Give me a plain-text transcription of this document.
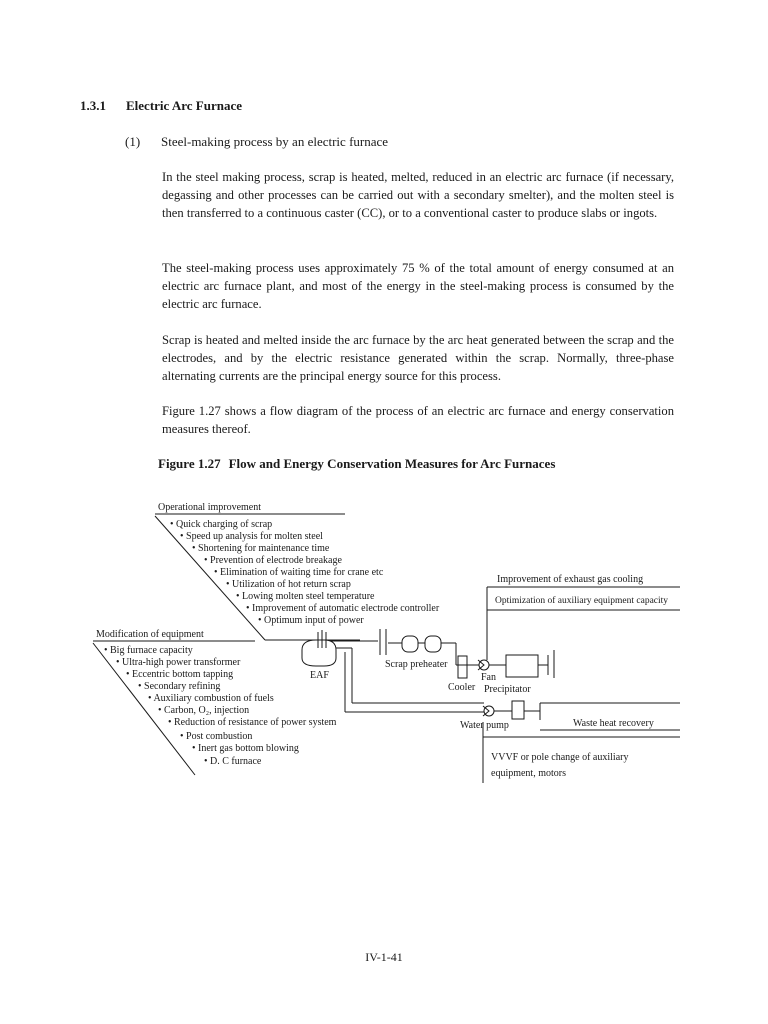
1.3.1 Electric Arc Furnace
(1) Steel-making process by an electric furnace

In the steel making process, scrap is heated, melted, reduced in an electric arc furnace (if necessary, degassing and other processes can be carried out with a secondary smelter), and the molten steel is then transferred to a continuous caster (CC), or to a conventional caster to produce slabs or ingots.

The steel-making process uses approximately 75 % of the total amount of energy consumed at an electric arc furnace plant, and most of the energy in the steel-making process is consumed by the electric arc furnace.

Scrap is heated and melted inside the arc furnace by the arc heat generated between the scrap and the electrodes, and by the electric resistance generated within the scrap. Normally, three-phase alternating currents are the principal energy source for this process.

Figure 1.27 shows a flow diagram of the process of an electric arc furnace and energy conservation measures thereof.

Figure 1.27 Flow and Energy Conservation Measures for Arc Furnaces
Operational improvement
• Quick charging of scrap
• Speed up analysis for molten steel
• Shortening for maintenance time
• Prevention of electrode breakage
• Elimination of waiting time for crane etc
• Utilization of hot return scrap
• Lowing molten steel temperature
• Improvement of automatic electrode controller
• Optimum input of power
Modification of equipment
• Big furnace capacity
• Ultra-high power transformer
• Eccentric bottom tapping
• Secondary refining
• Auxiliary combustion of fuels
• Carbon, O₂, injection
• Reduction of resistance of power system
• Post combustion
• Inert gas bottom blowing
• D. C furnace
EAF
Scrap preheater
Fan
Cooler Precipitator
Water pump
Improvement of exhaust gas cooling
Optimization of auxiliary equipment capacity
Waste heat recovery
VVVF or pole change of auxiliary
equipment, motors
IV-1-41
